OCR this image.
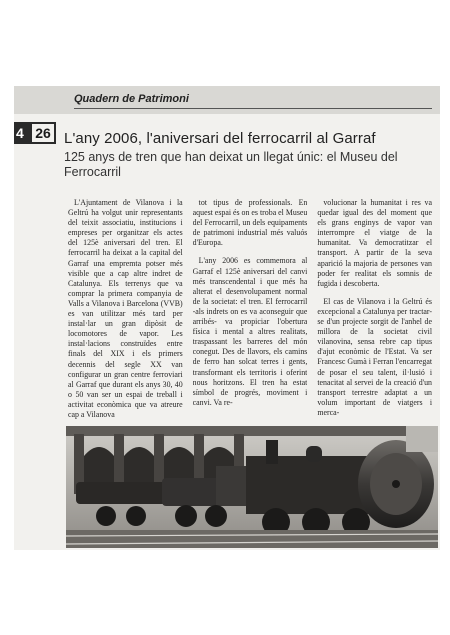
Quadern de Patrimoni
4 26 L'any 2006, l'aniversari del ferrocarril al Garraf
125 anys de tren que han deixat un llegat únic: el Museu del Ferrocarril

L'Ajuntament de Vilanova i la Geltrú ha volgut unir representants del teixit associatiu, institucions i empreses per organitzar els actes del 125è aniversari del tren. El ferrocarril ha deixat a la capital del Garraf una empremta potser més visible que a cap altre indret de Catalunya. Els terrenys que va comprar la primera companyia de Valls a Vilanova i Barcelona (VVB) es van utilitzar més tard per instal·lar un gran dipòsit de locomotores de vapor. Les instal·lacions construïdes entre finals del XIX i els primers decennis del segle XX van configurar un gran centre ferroviari al Garraf que durant els anys 30, 40 o 50 van ser un espai de treball i activitat econòmica que va atreure cap a Vilanova

tot tipus de professionals. En aquest espai és on es troba el Museu del Ferrocarril, un dels equipaments de patrimoni industrial més valuós d'Europa.

L'any 2006 es commemora al Garraf el 125è aniversari del canvi més transcendental i que més ha alterat el desenvolupament normal de la societat: el tren. El ferrocarril -als indrets on es va aconseguir que arribés- va propiciar l'obertura física i mental a altres realitats, traspassant les barreres del món conegut. Des de llavors, els camins de ferro han solcat terres i gents, transformant els territoris i oferint nous horitzons. El tren ha estat símbol de progrés, moviment i canvi. Va re-

volucionar la humanitat i res va quedar igual des del moment que els grans enginys de vapor van interrompre el viatge de la humanitat. Va democratitzar el transport. A partir de la seva aparició la majoria de persones van poder fer realitat els somnis de fugida i descoberta.

El cas de Vilanova i la Geltrú és excepcional a Catalunya per tractar-se d'un projecte sorgit de l'anhel de millora de la societat civil vilanovina, sensa rebre cap tipus d'ajut econòmic de l'Estat. Va ser Francesc Gumà i Ferran l'encarregat de posar el seu talent, il·lusió i tenacitat al servei de la creació d'un transport terrestre adaptat a un volum important de viatgers i merca-
